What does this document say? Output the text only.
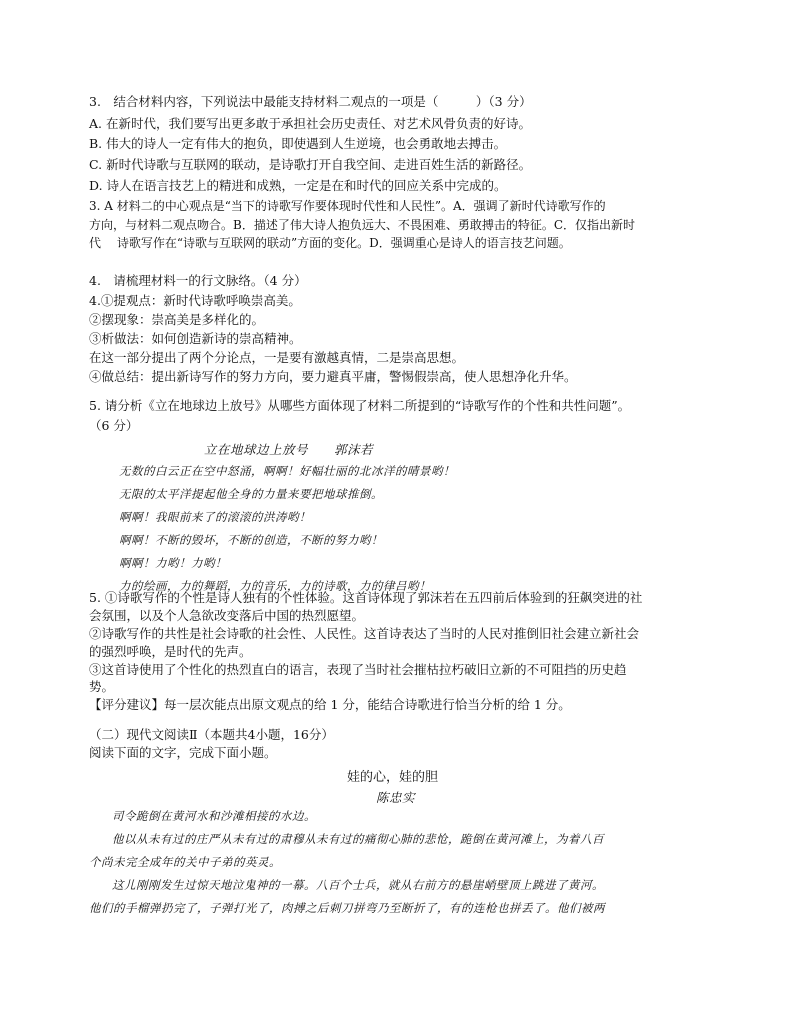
3.　结合材料内容，下列说法中最能支持材料二观点的一项是（　　　）（3 分）
A. 在新时代，我们要写出更多敢于承担社会历史责任、对艺术风骨负责的好诗。
B. 伟大的诗人一定有伟大的抱负，即使遇到人生逆境，也会勇敢地去搏击。
C. 新时代诗歌与互联网的联动，是诗歌打开自我空间、走进百姓生活的新路径。
D. 诗人在语言技艺上的精进和成熟，一定是在和时代的回应关系中完成的。
3. A 材料二的中心观点是“当下的诗歌写作要体现时代性和人民性”。A．强调了新时代诗歌写作的
方向，与材料二观点吻合。B．描述了伟大诗人抱负远大、不畏困难、勇敢搏击的特征。C．仅指出新时
代　 诗歌写作在“诗歌与互联网的联动”方面的变化。D．强调重心是诗人的语言技艺问题。
4.　请梳理材料一的行文脉络。（4 分）
4.①提观点：新时代诗歌呼唤崇高美。
②摆现象：崇高美是多样化的。
③析做法：如何创造新诗的崇高精神。
在这一部分提出了两个分论点，一是要有激越真情，二是崇高思想。
④做总结：提出新诗写作的努力方向，要力避真平庸，警惕假崇高，使人思想净化升华。
5. 请分析《立在地球边上放号》从哪些方面体现了材料二所提到的“诗歌写作的个性和共性问题”。
（6 分）
立在地球边上放号　　郭沫若
无数的白云正在空中怒涌，啊啊！好幅壮丽的北冰洋的晴景哟！
无限的太平洋提起他全身的力量来要把地球推倒。
啊啊！我眼前来了的滚滚的洪涛哟！
啊啊！不断的毁坏，不断的创造，不断的努力哟！
啊啊！力哟！力哟！
力的绘画，力的舞蹈，力的音乐，力的诗歌，力的律吕哟！
5. ①诗歌写作的个性是诗人独有的个性体验。这首诗体现了郭沫若在五四前后体验到的狂飙突进的社
会氛围，以及个人急欲改变落后中国的热烈愿望。
②诗歌写作的共性是社会诗歌的社会性、人民性。这首诗表达了当时的人民对推倒旧社会建立新社会
的强烈呼唤，是时代的先声。
③这首诗使用了个性化的热烈直白的语言，表现了当时社会摧枯拉朽破旧立新的不可阻挡的历史趋
势。
【评分建议】每一层次能点出原文观点的给 1 分，能结合诗歌进行恰当分析的给 1 分。
（二）现代文阅读Ⅱ（本题共4小题，16分）
阅读下面的文字，完成下面小题。
娃的心，娃的胆
陈忠实
司令跪倒在黄河水和沙滩相接的水边。
他以从未有过的庄严从未有过的肃穆从未有过的痛彻心肺的悲怆，跪倒在黄河滩上，为着八百
个尚未完全成年的关中子弟的英灵。
这儿刚刚发生过惊天地泣鬼神的一幕。八百个士兵，就从右前方的悬崖峭壁顶上跳进了黄河。
他们的手榴弹扔完了，子弹打光了，肉搏之后刺刀拼弯乃至断折了，有的连枪也拼丢了。他们被两
